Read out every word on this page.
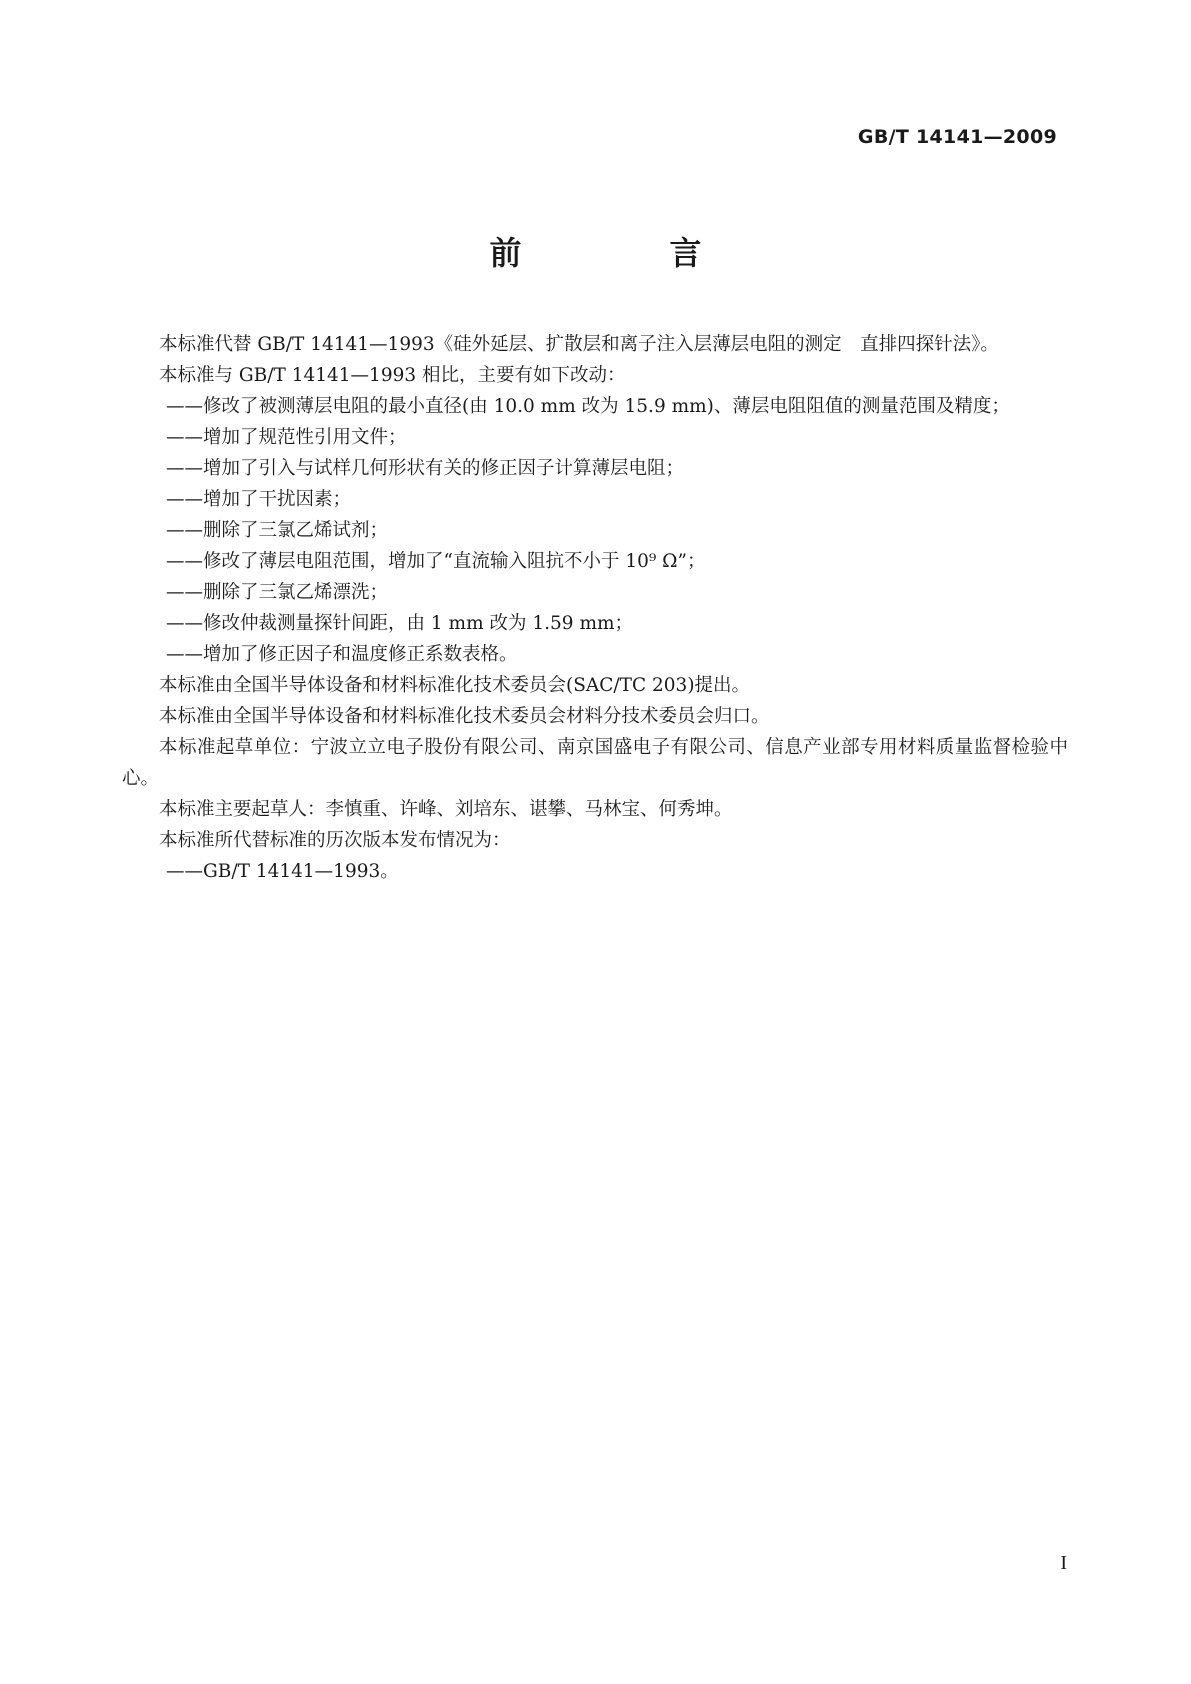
GB/T 14141—2009
前　言

本标准代替 GB/T 14141—1993《硅外延层、扩散层和离子注入层薄层电阻的测定　直排四探针法》。

本标准与 GB/T 14141—1993 相比，主要有如下改动：

——修改了被测薄层电阻的最小直径(由 10.0 mm 改为 15.9 mm)、薄层电阻阻值的测量范围及精度；

——增加了规范性引用文件；

——增加了引入与试样几何形状有关的修正因子计算薄层电阻；

——增加了干扰因素；

——删除了三氯乙烯试剂；

——修改了薄层电阻范围，增加了“直流输入阻抗不小于 10⁹ Ω”；

——删除了三氯乙烯漂洗；

——修改仲裁测量探针间距，由 1 mm 改为 1.59 mm；

——增加了修正因子和温度修正系数表格。

本标准由全国半导体设备和材料标准化技术委员会(SAC/TC 203)提出。

本标准由全国半导体设备和材料标准化技术委员会材料分技术委员会归口。

本标准起草单位：宁波立立电子股份有限公司、南京国盛电子有限公司、信息产业部专用材料质量监督检验中心。

本标准主要起草人：李慎重、许峰、刘培东、谌攀、马林宝、何秀坤。

本标准所代替标准的历次版本发布情况为：

——GB/T 14141—1993。

I
